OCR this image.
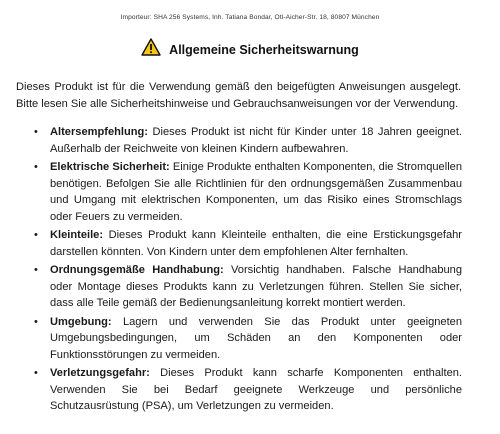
Importeur: SHA 256 Systems, Inh. Tatiana Bondar, Otl-Aicher-Str. 18, 80807 München
Allgemeine Sicherheitswarnung

Dieses Produkt ist für die Verwendung gemäß den beigefügten Anweisungen ausgelegt. Bitte lesen Sie alle Sicherheitshinweise und Gebrauchsanweisungen vor der Verwendung.

• Altersempfehlung: Dieses Produkt ist nicht für Kinder unter 18 Jahren geeignet. Außerhalb der Reichweite von kleinen Kindern aufbewahren.
• Elektrische Sicherheit: Einige Produkte enthalten Komponenten, die Stromquellen benötigen. Befolgen Sie alle Richtlinien für den ordnungsgemäßen Zusammenbau und Umgang mit elektrischen Komponenten, um das Risiko eines Stromschlags oder Feuers zu vermeiden.
• Kleinteile: Dieses Produkt kann Kleinteile enthalten, die eine Erstickungsgefahr darstellen könnten. Von Kindern unter dem empfohlenen Alter fernhalten.
• Ordnungsgemäße Handhabung: Vorsichtig handhaben. Falsche Handhabung oder Montage dieses Produkts kann zu Verletzungen führen. Stellen Sie sicher, dass alle Teile gemäß der Bedienungsanleitung korrekt montiert werden.
• Umgebung: Lagern und verwenden Sie das Produkt unter geeigneten Umgebungsbedingungen, um Schäden an den Komponenten oder Funktionsstörungen zu vermeiden.
• Verletzungsgefahr: Dieses Produkt kann scharfe Komponenten enthalten. Verwenden Sie bei Bedarf geeignete Werkzeuge und persönliche Schutzausrüstung (PSA), um Verletzungen zu vermeiden.
